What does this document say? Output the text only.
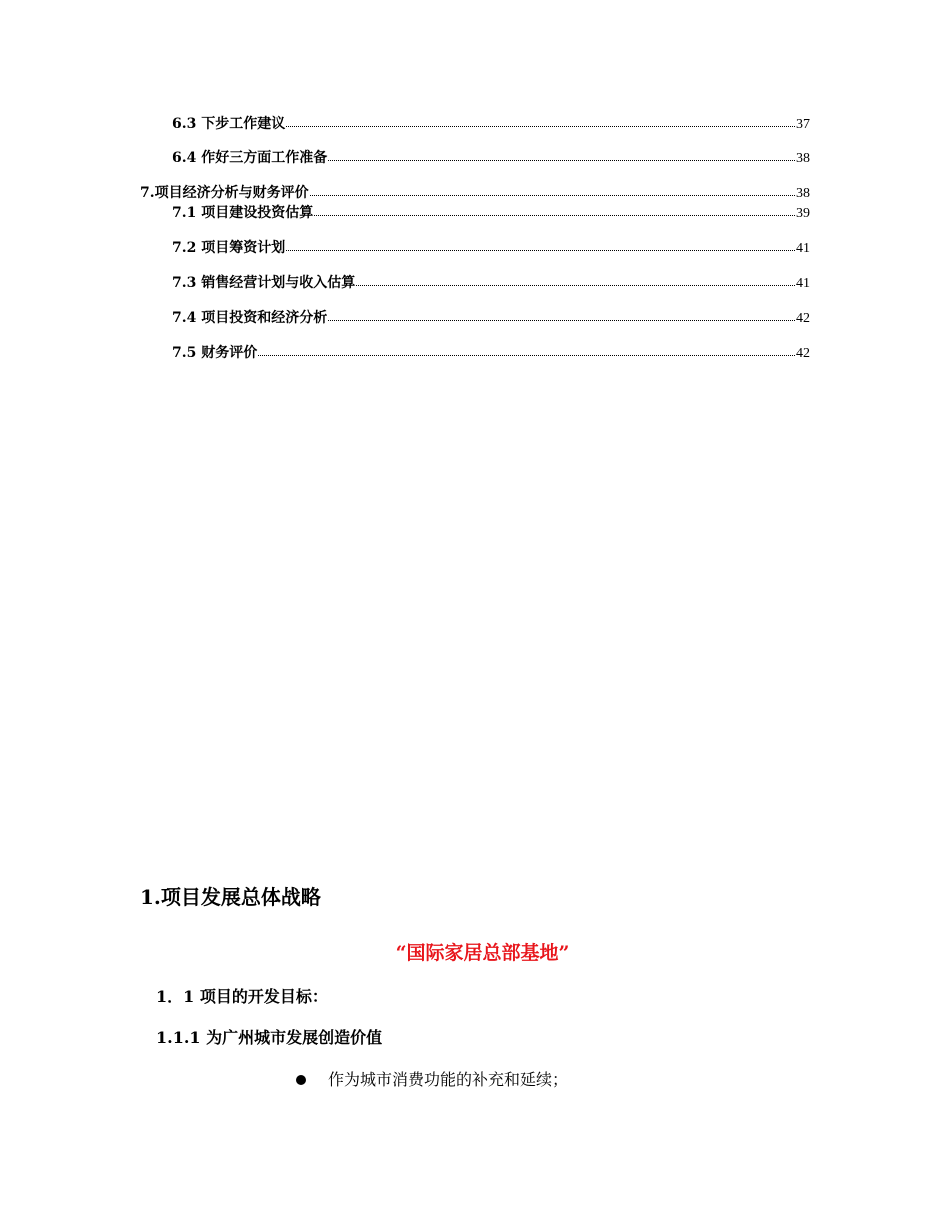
6.3 下步工作建议	37
6.4 作好三方面工作准备	38
7.项目经济分析与财务评价	38
7.1 项目建设投资估算	39
7.2 项目筹资计划	41
7.3 销售经营计划与收入估算	41
7.4 项目投资和经济分析	42
7.5 财务评价	42
1.项目发展总体战略
“国际家居总部基地”
1．1 项目的开发目标：
1.1.1 为广州城市发展创造价值
作为城市消费功能的补充和延续；
